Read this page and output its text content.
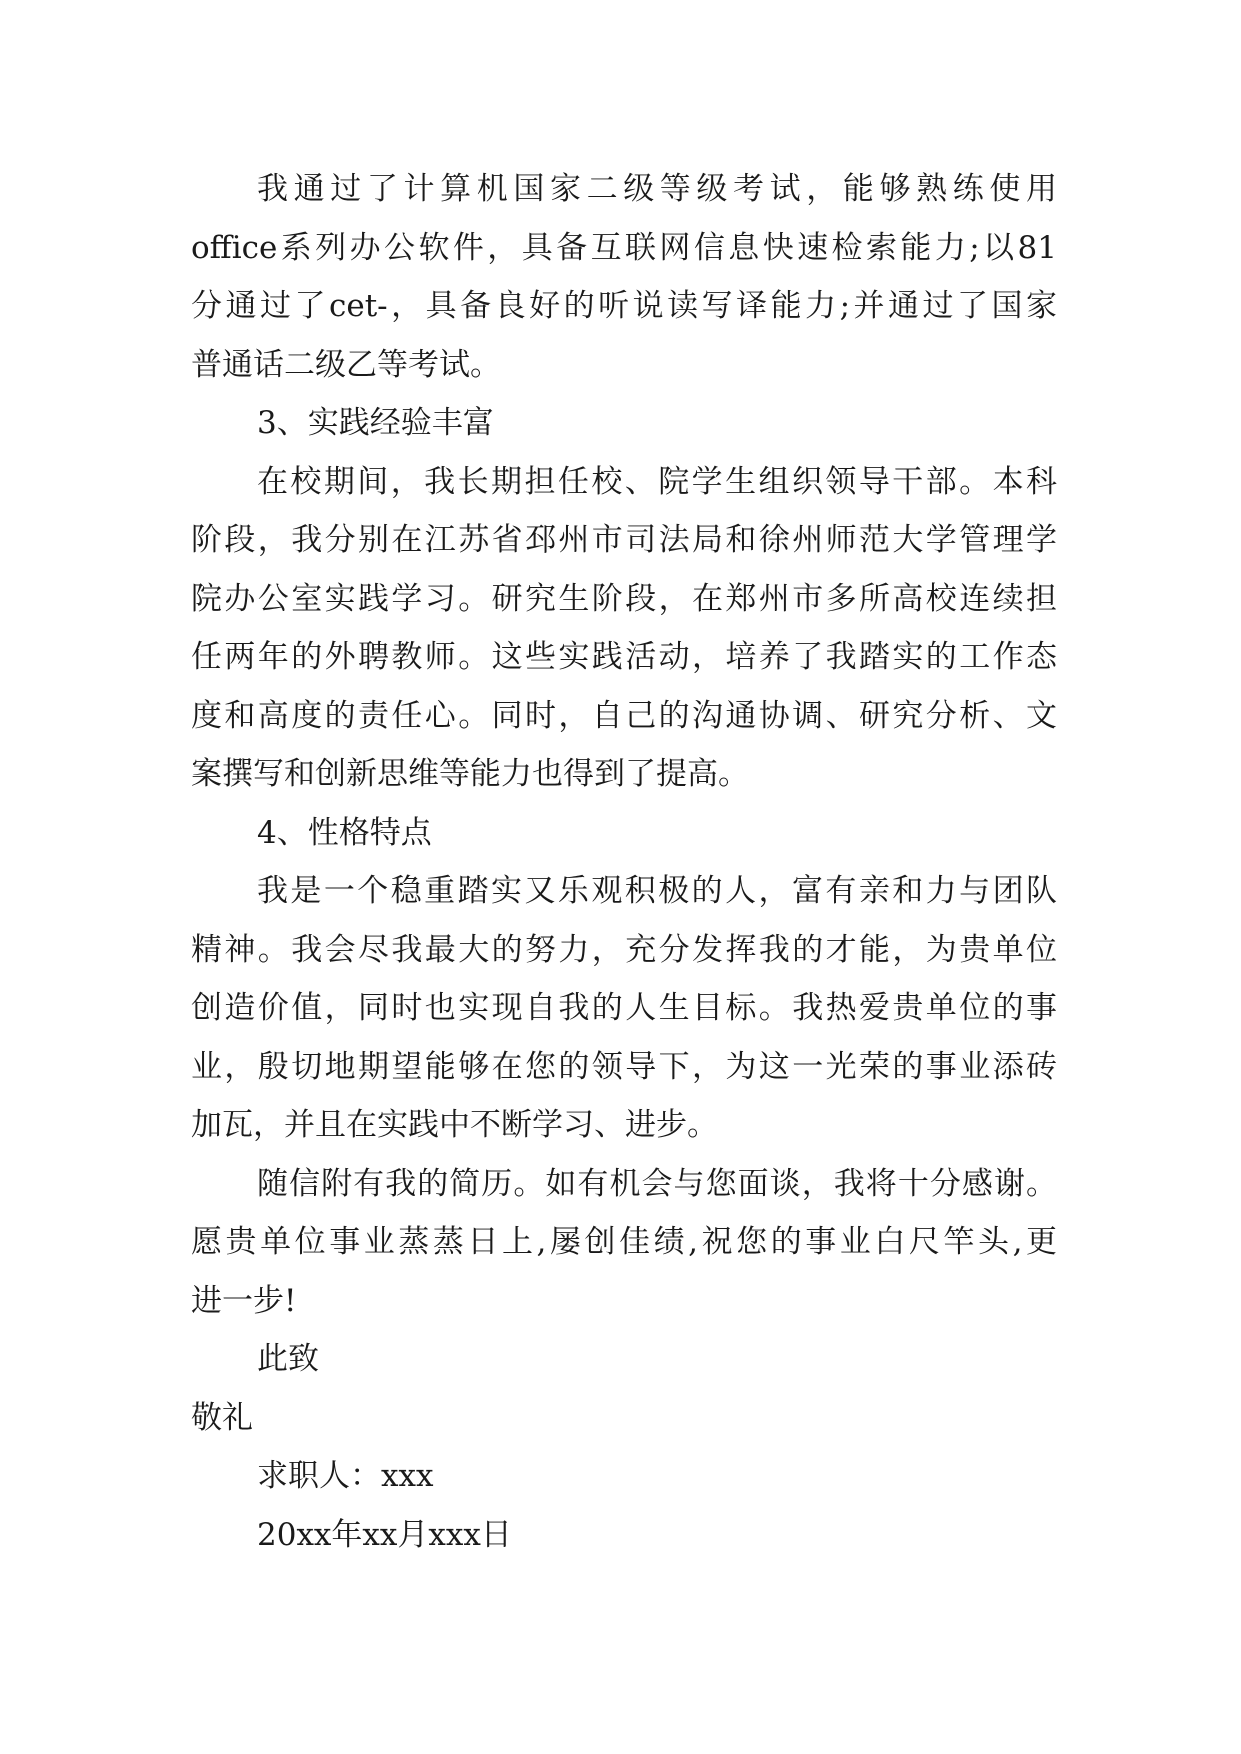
我通过了计算机国家二级等级考试，能够熟练使用
office系列办公软件，具备互联网信息快速检索能力;以81
分通过了cet-，具备良好的听说读写译能力;并通过了国家
普通话二级乙等考试。
3、实践经验丰富
在校期间，我长期担任校、院学生组织领导干部。本科
阶段，我分别在江苏省邳州市司法局和徐州师范大学管理学
院办公室实践学习。研究生阶段，在郑州市多所高校连续担
任两年的外聘教师。这些实践活动，培养了我踏实的工作态
度和高度的责任心。同时，自己的沟通协调、研究分析、文
案撰写和创新思维等能力也得到了提高。
4、性格特点
我是一个稳重踏实又乐观积极的人，富有亲和力与团队
精神。我会尽我最大的努力，充分发挥我的才能，为贵单位
创造价值，同时也实现自我的人生目标。我热爱贵单位的事
业，殷切地期望能够在您的领导下，为这一光荣的事业添砖
加瓦，并且在实践中不断学习、进步。
随信附有我的简历。如有机会与您面谈，我将十分感谢。
愿贵单位事业蒸蒸日上,屡创佳绩,祝您的事业白尺竿头,更
进一步!
此致
敬礼
求职人：xxx
20xx年xx月xxx日
